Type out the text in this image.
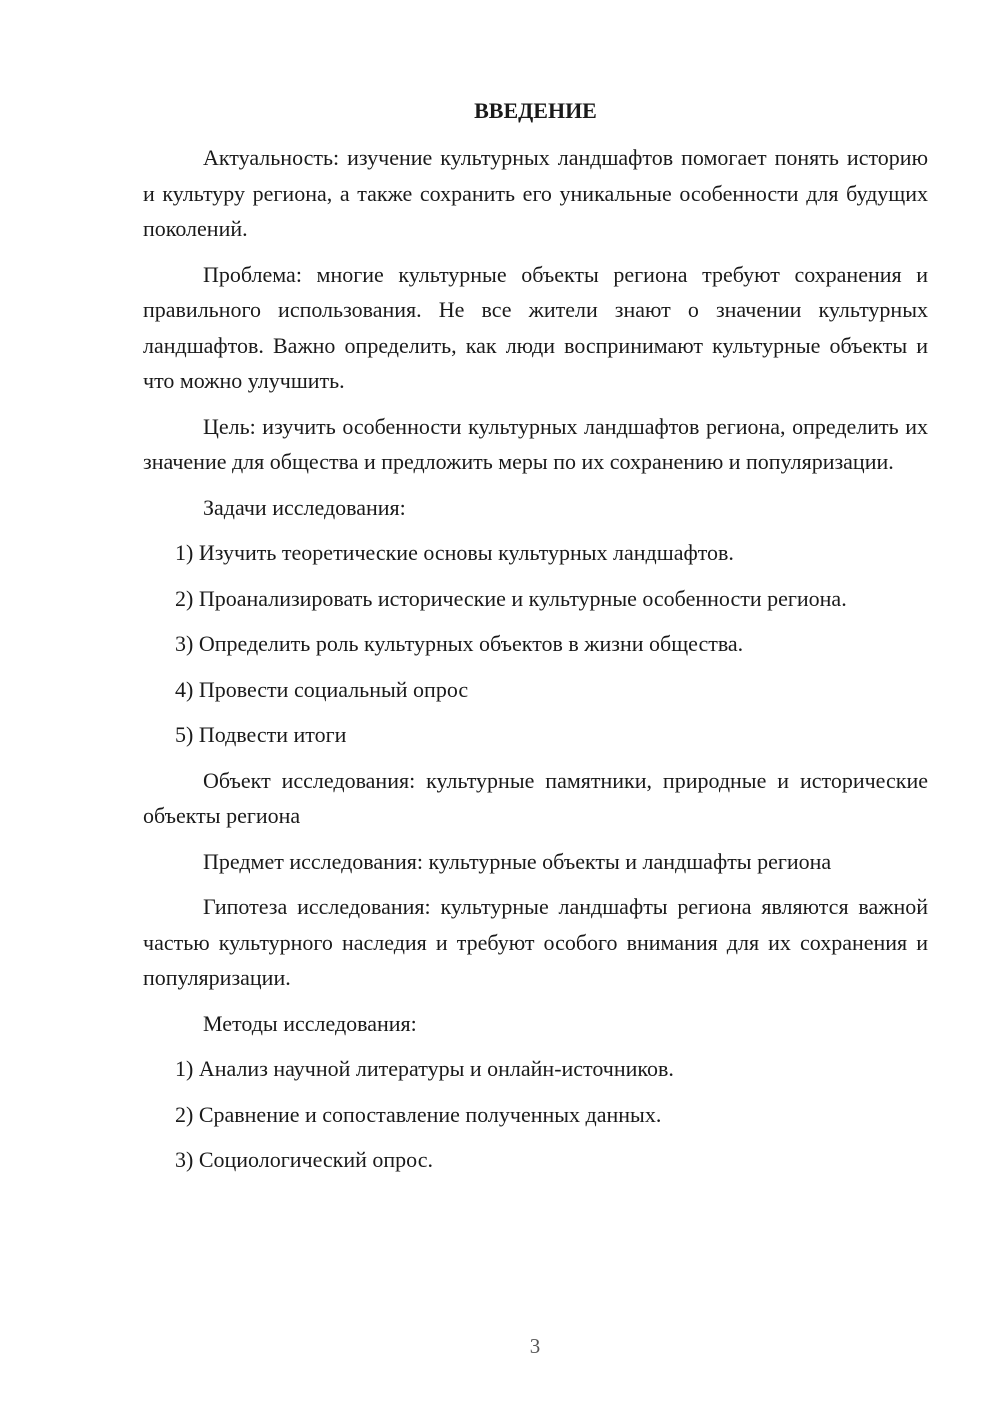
ВВЕДЕНИЕ

Актуальность: изучение культурных ландшафтов помогает понять историю и культуру региона, а также сохранить его уникальные особенности для будущих поколений.

Проблема: многие культурные объекты региона требуют сохранения и правильного использования. Не все жители знают о значении культурных ландшафтов. Важно определить, как люди воспринимают культурные объекты и что можно улучшить.

Цель: изучить особенности культурных ландшафтов региона, определить их значение для общества и предложить меры по их сохранению и популяризации.

Задачи исследования:

1) Изучить теоретические основы культурных ландшафтов.

2) Проанализировать исторические и культурные особенности региона.

3) Определить роль культурных объектов в жизни общества.

4) Провести социальный опрос

5) Подвести итоги

Объект исследования: культурные памятники, природные и исторические объекты региона

Предмет исследования: культурные объекты и ландшафты региона

Гипотеза исследования: культурные ландшафты региона являются важной частью культурного наследия и требуют особого внимания для их сохранения и популяризации.

Методы исследования:

1) Анализ научной литературы и онлайн-источников.

2) Сравнение и сопоставление полученных данных.

3) Социологический опрос.

3
